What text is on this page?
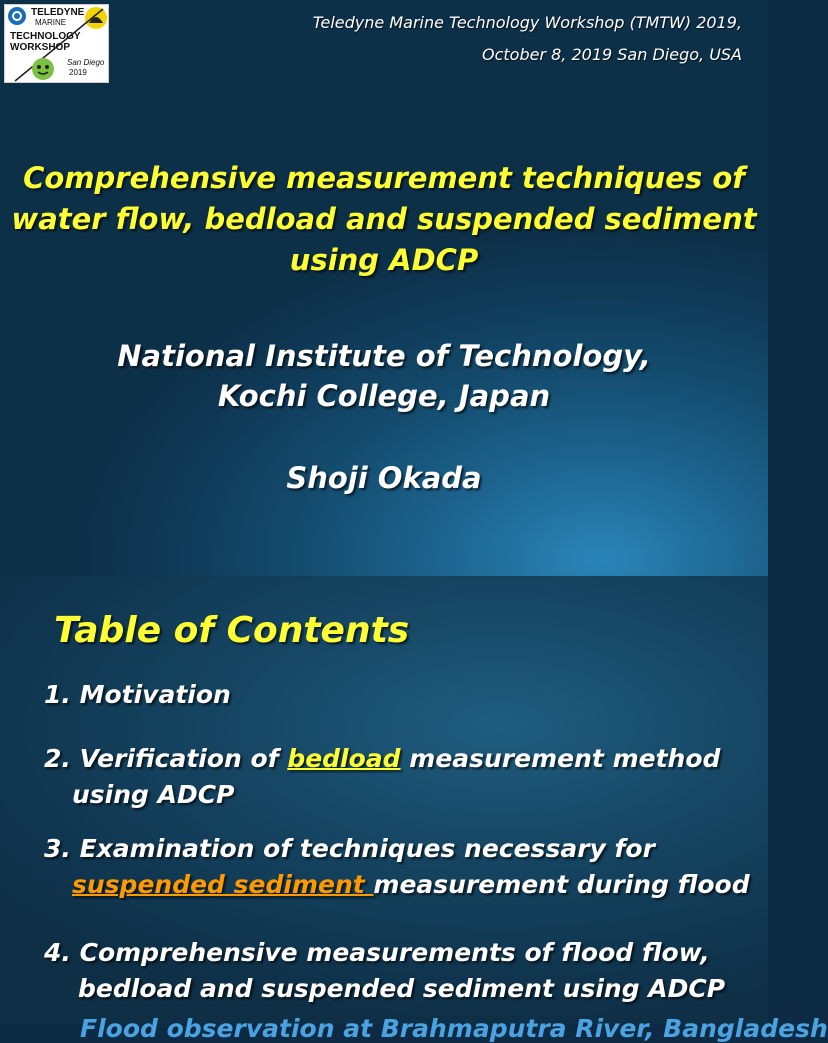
TELEDYNE
MARINE
TECHNOLOGY
WORKSHOP
San Diego
2019
Teledyne Marine Technology Workshop (TMTW) 2019,
October 8, 2019 San Diego, USA
Comprehensive measurement techniques of
water flow, bedload and suspended sediment
using ADCP
National Institute of Technology,
Kochi College, Japan
Shoji Okada
Table of Contents
1. Motivation
2. Verification of bedload measurement method
using ADCP
3. Examination of techniques necessary for
suspended sediment measurement during flood
4. Comprehensive measurements of flood flow,
bedload and suspended sediment using ADCP
Flood observation at Brahmaputra River, Bangladesh
